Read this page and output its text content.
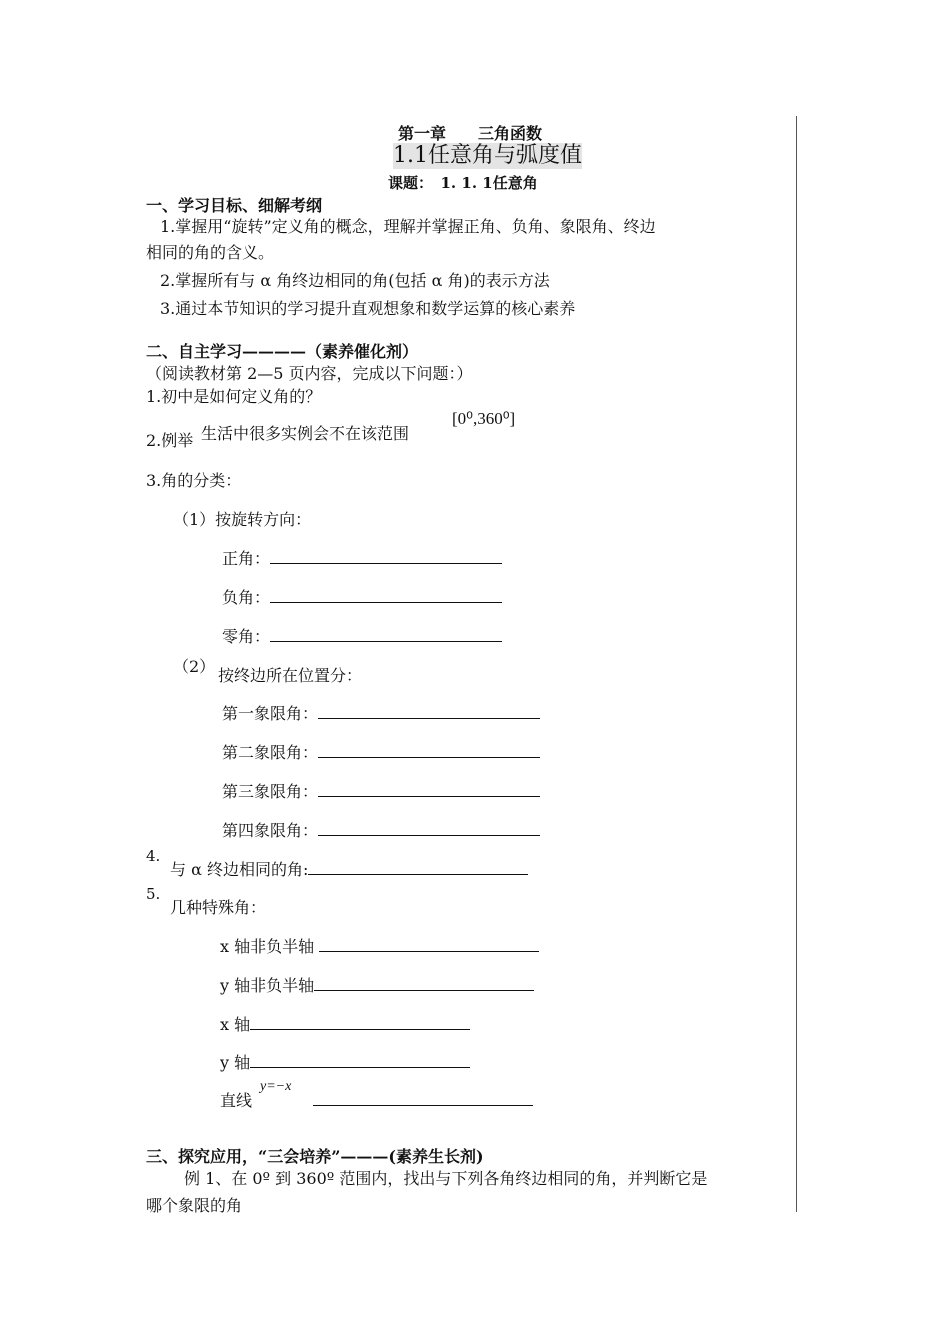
第一章　　三角函数
1.1任意角与弧度值
课题：　1. 1. 1任意角
一、学习目标、细解考纲
1.掌握用“旋转”定义角的概念，理解并掌握正角、负角、象限角、终边
相同的角的含义。
2.掌握所有与 α 角终边相同的角(包括 α 角)的表示方法
3.通过本节知识的学习提升直观想象和数学运算的核心素养
二、自主学习————（素养催化剂）
（阅读教材第 2—5 页内容，完成以下问题：）
1.初中是如何定义角的？
2.例举 生活中很多实例会不在该范围
[0⁰,360⁰]
3.角的分类：
（1）按旋转方向：
正角：
负角：
零角：
（2） 按终边所在位置分：
第一象限角：
第二象限角：
第三象限角：
第四象限角：
4.
与 α 终边相同的角:
5.
几种特殊角：
x 轴非负半轴
y 轴非负半轴
x 轴
y 轴
直线
y=−x
三、探究应用，“三会培养”———(素养生长剂)
例 1、在 0º 到 360º 范围内，找出与下列各角终边相同的角，并判断它是
哪个象限的角
